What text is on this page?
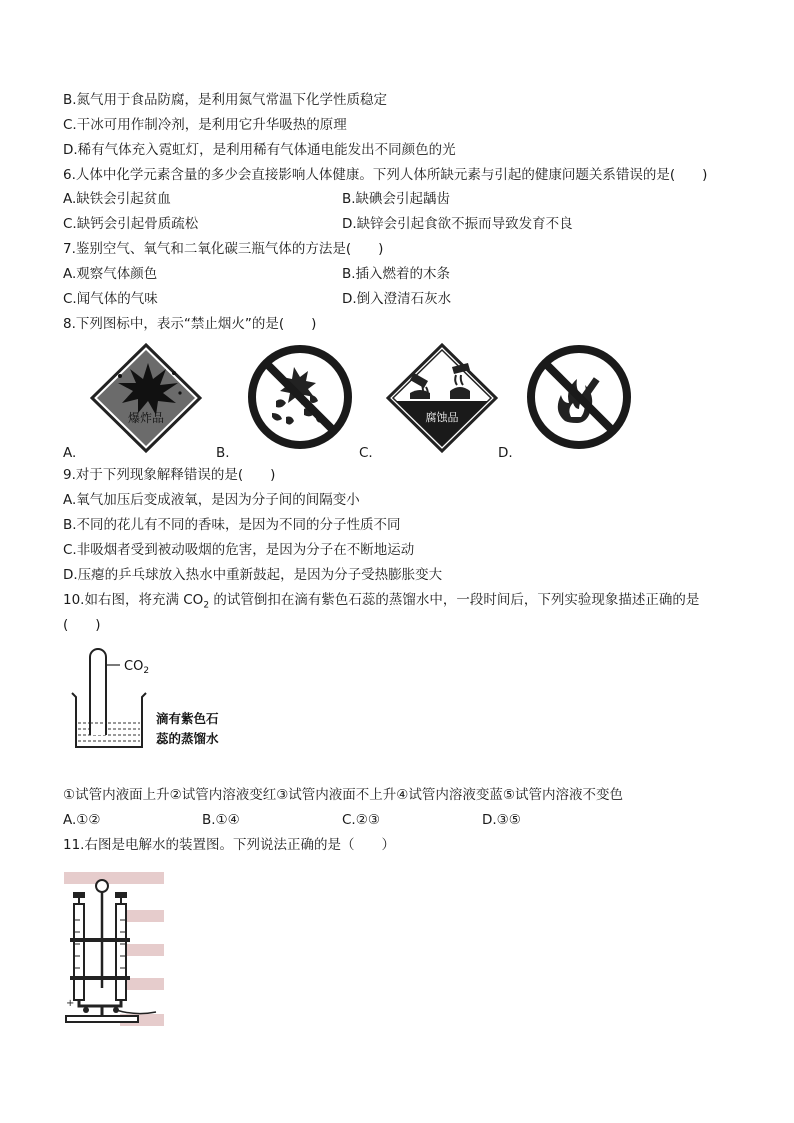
B.氮气用于食品防腐，是利用氮气常温下化学性质稳定
C.干冰可用作制冷剂，是利用它升华吸热的原理
D.稀有气体充入霓虹灯，是利用稀有气体通电能发出不同颜色的光
6.人体中化学元素含量的多少会直接影响人体健康。下列人体所缺元素与引起的健康问题关系错误的是(　　)
A.缺铁会引起贫血	B.缺碘会引起龋齿
C.缺钙会引起骨质疏松	D.缺锌会引起食欲不振而导致发育不良
7.鉴别空气、氧气和二氧化碳三瓶气体的方法是(　　)
A.观察气体颜色	B.插入燃着的木条
C.闻气体的气味	D.倒入澄清石灰水
8.下列图标中，表示“禁止烟火”的是(　　)
爆炸品	腐蚀品
A.	B.	C.	D.
9.对于下列现象解释错误的是(　　)
A.氧气加压后变成液氧，是因为分子间的间隔变小
B.不同的花儿有不同的香味，是因为不同的分子性质不同
C.非吸烟者受到被动吸烟的危害，是因为分子在不断地运动
D.压瘪的乒乓球放入热水中重新鼓起，是因为分子受热膨胀变大
10.如右图，将充满 $CO_2$ 的试管倒扣在滴有紫色石蕊的蒸馏水中，一段时间后，下列实验现象描述正确的是
(　　)
$CO_2$
滴有紫色石
蕊的蒸馏水
①试管内液面上升②试管内溶液变红③试管内液面不上升④试管内溶液变蓝⑤试管内溶液不变色
A.①②	B.①④	C.②③	D.③⑤
11.右图是电解水的装置图。下列说法正确的是（　　）
+
